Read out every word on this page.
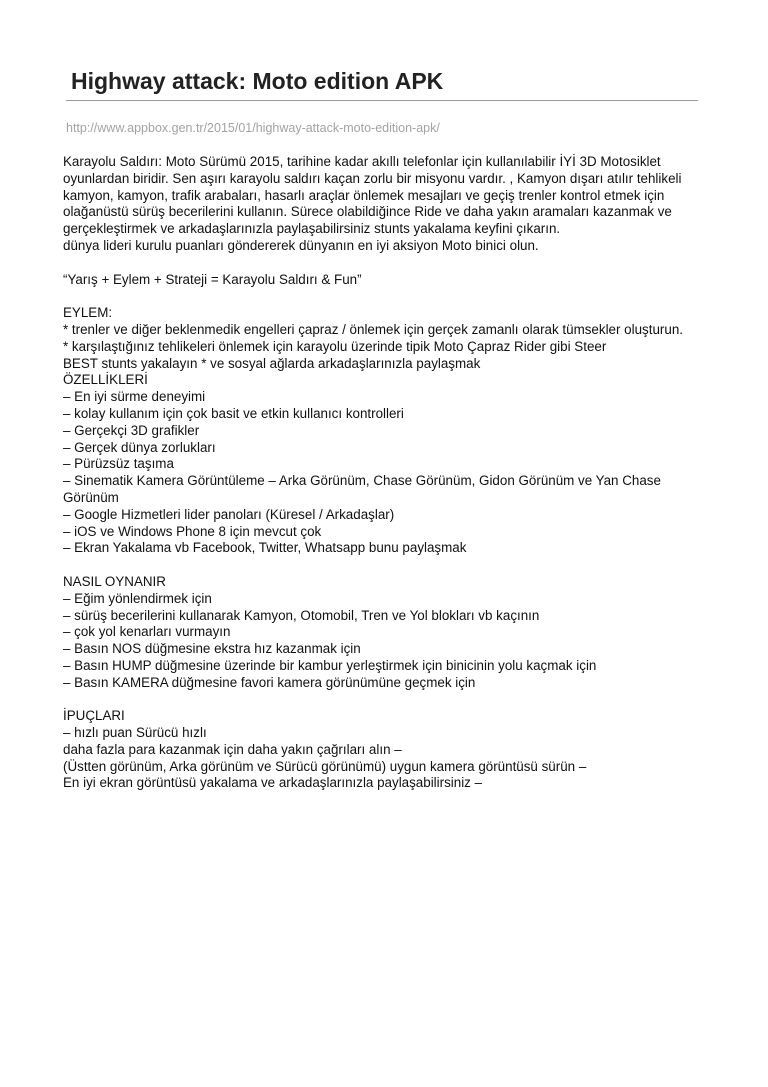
Highway attack: Moto edition APK
http://www.appbox.gen.tr/2015/01/highway-attack-moto-edition-apk/
Karayolu Saldırı: Moto Sürümü 2015, tarihine kadar akıllı telefonlar için kullanılabilir İYİ 3D Motosiklet
oyunlardan biridir. Sen aşırı karayolu saldırı kaçan zorlu bir misyonu vardır. , Kamyon dışarı atılır tehlikeli
kamyon, kamyon, trafik arabaları, hasarlı araçlar önlemek mesajları ve geçiş trenler kontrol etmek için
olağanüstü sürüş becerilerini kullanın. Sürece olabildiğince Ride ve daha yakın aramaları kazanmak ve
gerçekleştirmek ve arkadaşlarınızla paylaşabilirsiniz stunts yakalama keyfini çıkarın.
dünya lideri kurulu puanları göndererek dünyanın en iyi aksiyon Moto binici olun.
“Yarış + Eylem + Strateji = Karayolu Saldırı & Fun”
EYLEM:
* trenler ve diğer beklenmedik engelleri çapraz / önlemek için gerçek zamanlı olarak tümsekler oluşturun.
* karşılaştığınız tehlikeleri önlemek için karayolu üzerinde tipik Moto Çapraz Rider gibi Steer
BEST stunts yakalayın * ve sosyal ağlarda arkadaşlarınızla paylaşmak
ÖZELLİKLERİ
– En iyi sürme deneyimi
– kolay kullanım için çok basit ve etkin kullanıcı kontrolleri
– Gerçekçi 3D grafikler
– Gerçek dünya zorlukları
– Pürüzsüz taşıma
– Sinematik Kamera Görüntüleme – Arka Görünüm, Chase Görünüm, Gidon Görünüm ve Yan Chase
Görünüm
– Google Hizmetleri lider panoları (Küresel / Arkadaşlar)
– iOS ve Windows Phone 8 için mevcut çok
– Ekran Yakalama vb Facebook, Twitter, Whatsapp bunu paylaşmak
NASIL OYNANIR
– Eğim yönlendirmek için
– sürüş becerilerini kullanarak Kamyon, Otomobil, Tren ve Yol blokları vb kaçının
– çok yol kenarları vurmayın
– Basın NOS düğmesine ekstra hız kazanmak için
– Basın HUMP düğmesine üzerinde bir kambur yerleştirmek için binicinin yolu kaçmak için
– Basın KAMERA düğmesine favori kamera görünümüne geçmek için
İPUÇLARI
– hızlı puan Sürücü hızlı
daha fazla para kazanmak için daha yakın çağrıları alın –
(Üstten görünüm, Arka görünüm ve Sürücü görünümü) uygun kamera görüntüsü sürün –
En iyi ekran görüntüsü yakalama ve arkadaşlarınızla paylaşabilirsiniz –
